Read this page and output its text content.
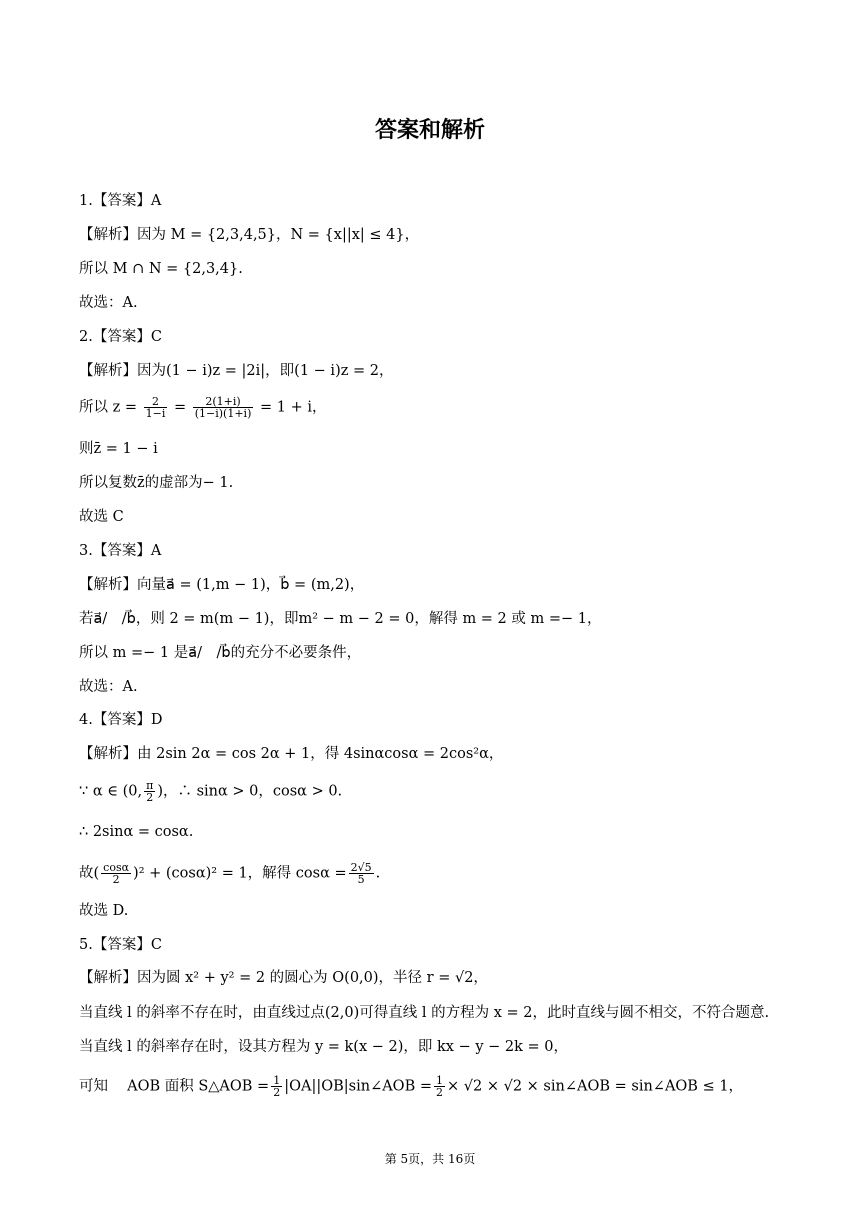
答案和解析
1.【答案】A
【解析】因为 M = {2,3,4,5}，N = {x||x| ≤ 4}，
所以 M ∩ N = {2,3,4}.
故选：A.
2.【答案】C
【解析】因为(1 − i)z = |2i|，即(1 − i)z = 2，
所以 $z = \frac{2}{1-i} = \frac{2(1+i)}{(1-i)(1+i)} = 1 + i$，
则z̄ = 1 − i
所以复数z̄的虚部为− 1.
故选 C
3.【答案】A
【解析】向量a⃗ = (1,m − 1)，b⃗ = (m,2)，
若a⃗/　/b⃗，则 2 = m(m − 1)，即m² − m − 2 = 0，解得 m = 2 或 m =− 1，
所以 m =− 1 是a⃗/　/b⃗的充分不必要条件，
故选：A.
4.【答案】D
【解析】由 2sin 2α = cos 2α + 1，得 4sinαcosα = 2cos²α，
∵ α ∈ (0, $\frac{\pi}{2}$ )，∴ sinα > 0，cosα > 0.
∴ 2sinα = cosα.
故( $\frac{\cos\alpha}{2} )^2 + (\cos\alpha)^2 = 1$，解得 $\cos\alpha = \frac{2√5}{5}$ .
故选 D.
5.【答案】C
【解析】因为圆 x² + y² = 2 的圆心为 O(0,0)，半径 r = √2，
当直线 l 的斜率不存在时，由直线过点(2,0)可得直线 l 的方程为 x = 2，此时直线与圆不相交，不符合题意.
当直线 l 的斜率存在时，设其方程为 y = k(x − 2)，即 kx − y − 2k = 0，
可知　 AOB 面积 S△AOB = $\frac{1}{2}$ |OA||OB|sin∠AOB = $\frac{1}{2} \times √2 \times √2$ × sin∠AOB = sin∠AOB ≤ 1，
第 5页，共 16页
